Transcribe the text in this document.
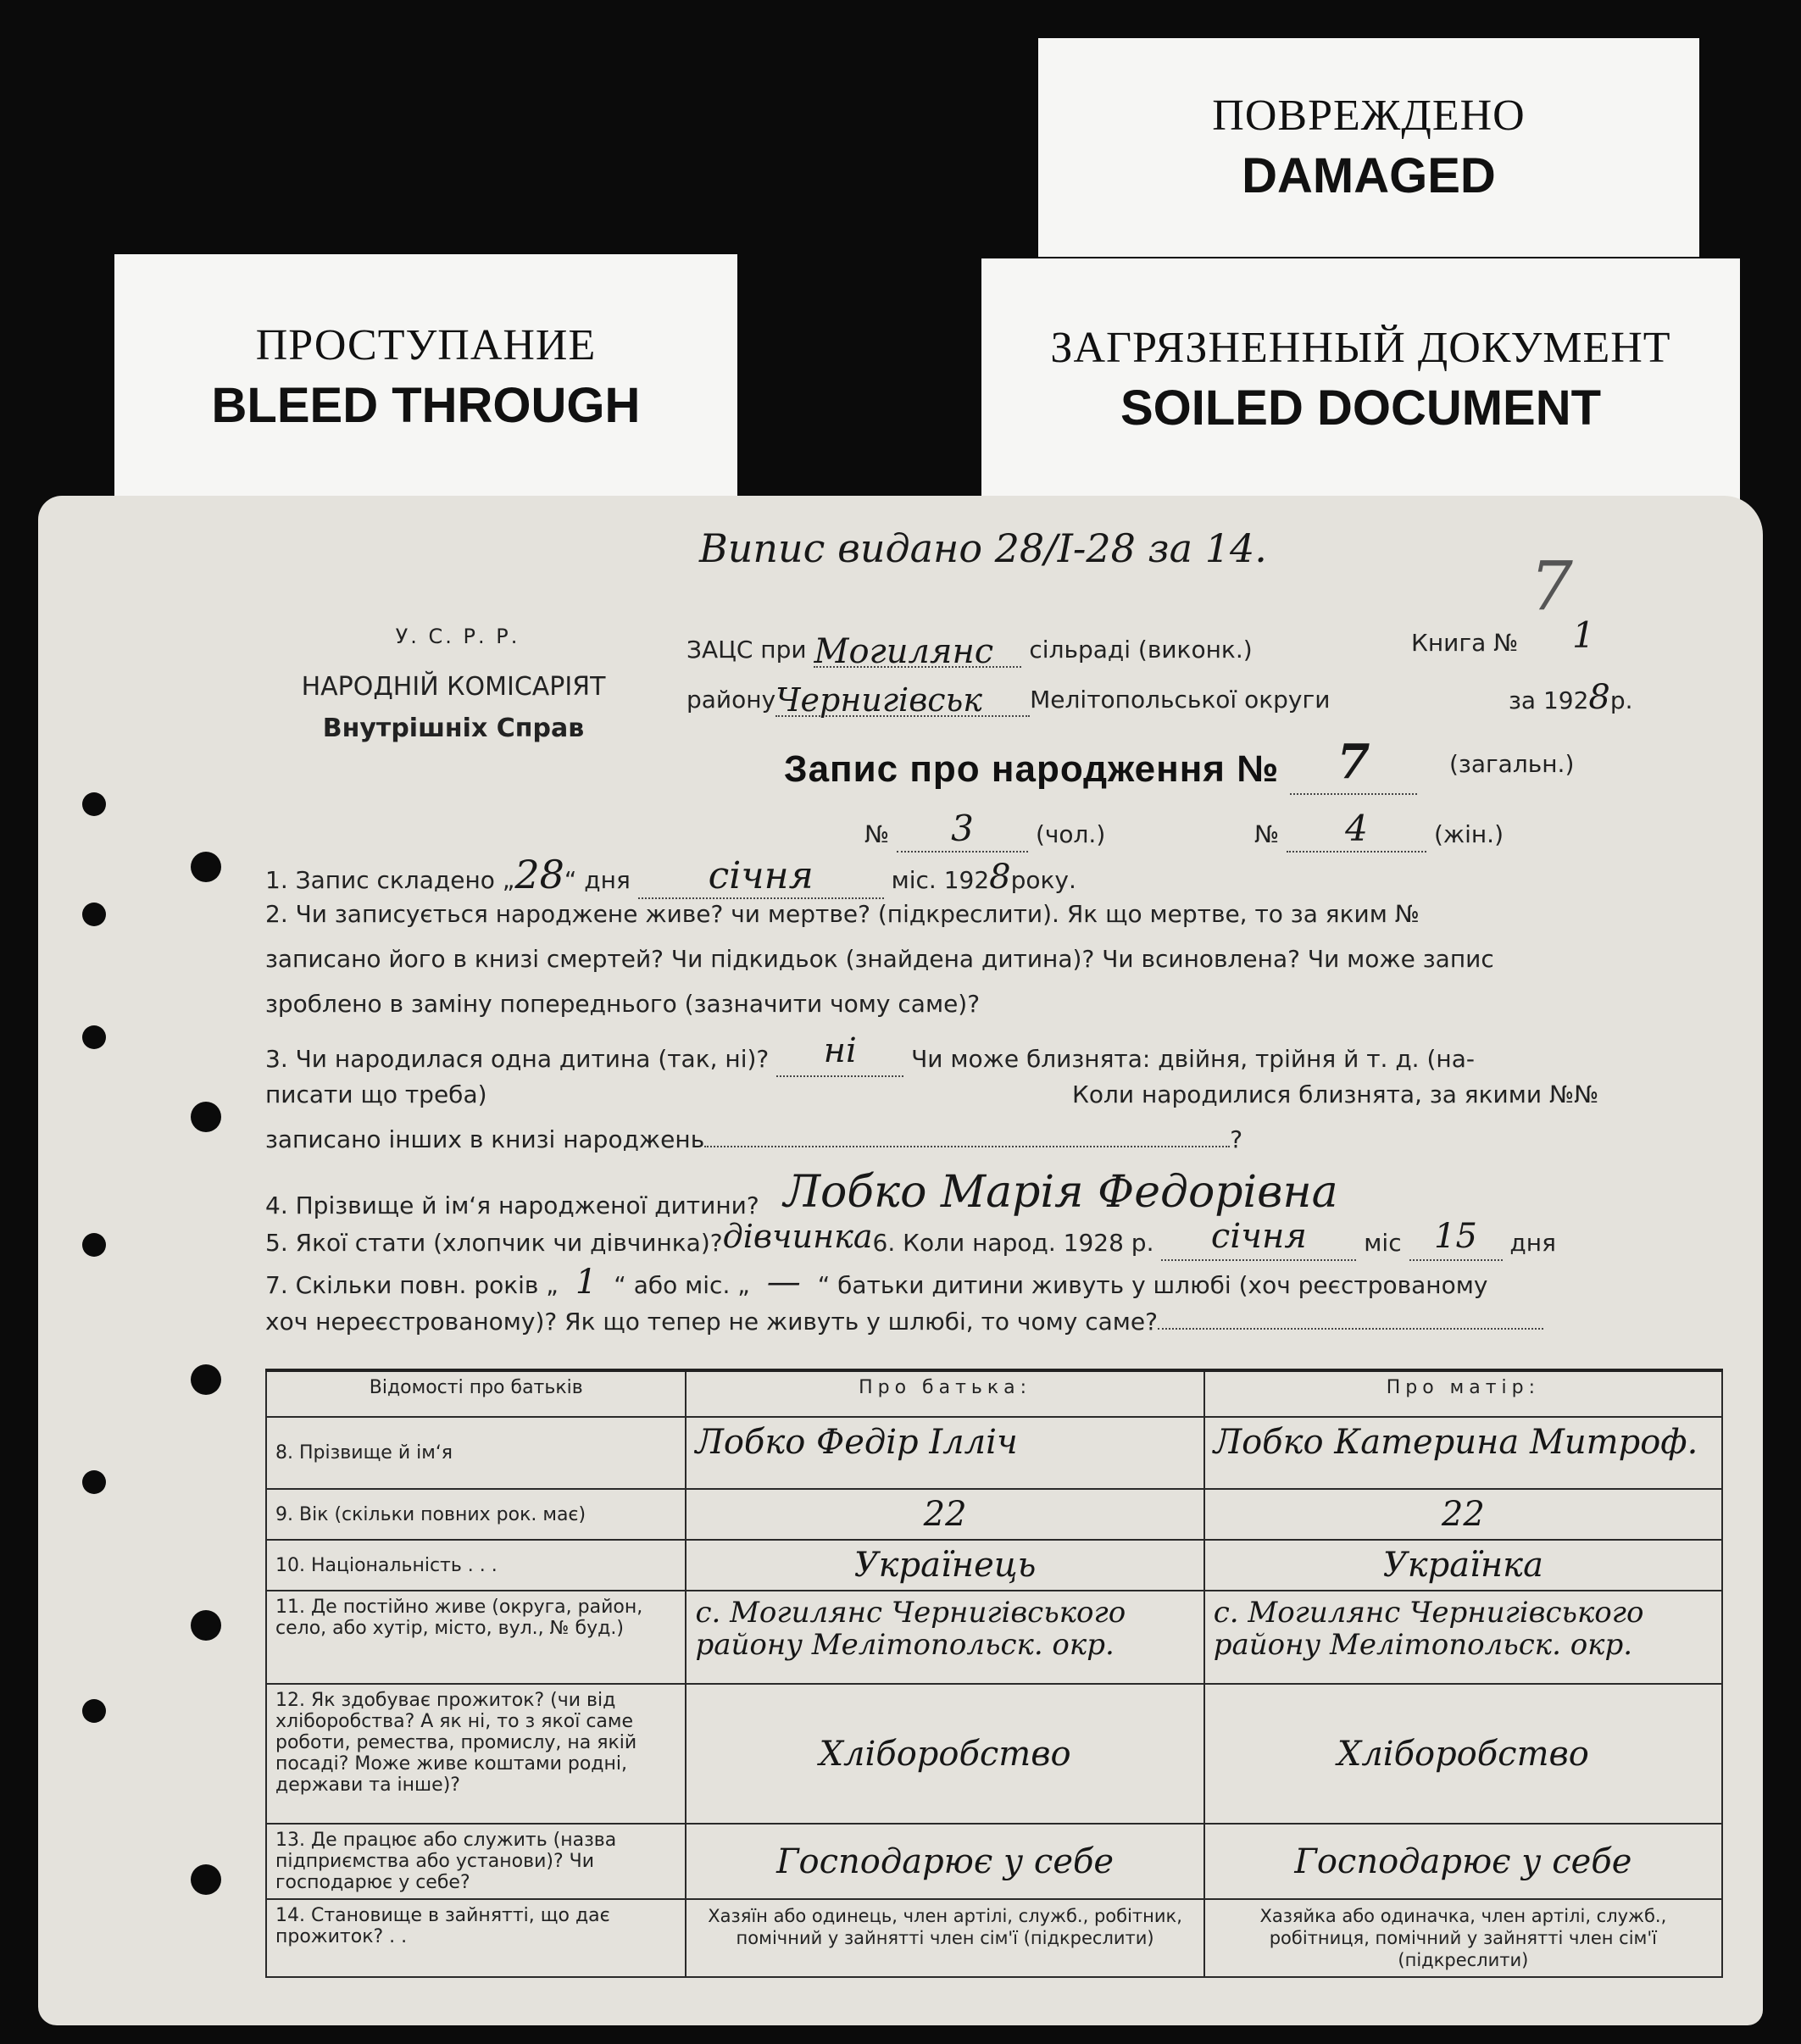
ПОВРЕЖДЕНО
DAMAGED
ПРОСТУПАНИЕ
BLEED THROUGH
ЗАГРЯЗНЕННЫЙ ДОКУМЕНТ
SOILED DOCUMENT
Випис видано 28/I-28 за 14.	7
У. С. Р. Р.
НАРОДНІЙ КОМІСАРІЯТ
Внутрішніх Справ
ЗАЦС при Могилянс сільраді (виконк.)	Книга № 1
районуЧернигівськ Мелітопольської округи	за 1928р.
Запис про народження № 7	(загальн.)
№ 3	(чол.)	№ 4	(жін.)
1. Запис складено „28“ дня січня	міс. 1928року.
2. Чи записується народжене живе? чи мертве? (підкреслити). Як що мертве, то за яким №
записано його в книзі смертей? Чи підкидьок (знайдена дитина)? Чи всиновлена? Чи може запис
зроблено в заміну попереднього (зазначити чому саме)?
3. Чи народилася одна дитина (так, ні)? ні Чи може близнята: двійня, трійня й т. д. (на-
писати що треба)	Коли народилися близнята, за якими №№
записано інших в книзі народжень	?
4. Прізвище й ім‘я народженої дитини? Лобко Марія Федорівна
5. Якої стати (хлопчик чи дівчинка)?дівчинка6. Коли народ. 1928 р. січня міс 15 дня
7. Скільки повн. років „ 1 “ або міс. „ — “ батьки дитини живуть у шлюбі (хоч реєстрованому
хоч нереєстрованому)? Як що тепер не живуть у шлюбі, то чому саме?
Відомості про батьків	Про батька:	Про матір:
8. Прізвище й ім‘я	Лобко Федір Ілліч	Лобко Катерина Митроф.
9. Вік (скільки повних рок. має)	22	22
10. Національність . . .	Українець	Українка
11. Де постійно живе (округа, район, село, або хутір, місто, вул., № буд.)	с. Могилянс Чернигівського району Мелітопольск. окр.	с. Могилянс Чернигівського району Мелітопольск. окр.
12. Як здобуває прожиток? (чи від хліборобства? А як ні, то з якої саме роботи, ремества, промислу, на якій посаді? Може живе коштами родні, держави та інше)?	Хліборобство	Хліборобство
13. Де працює або служить (назва підприємства або установи)? Чи господарює у себе?	Господарює у себе	Господарює у себе
14. Становище в зайнятті, що дає прожиток? . .	Хазяїн або одинець, член артілі, служб., робітник, помічний у зайнятті член сім'ї (підкреслити)	Хазяйка або одиначка, член артілі, служб., робітниця, помічний у зайнятті член сім'ї (підкреслити)
